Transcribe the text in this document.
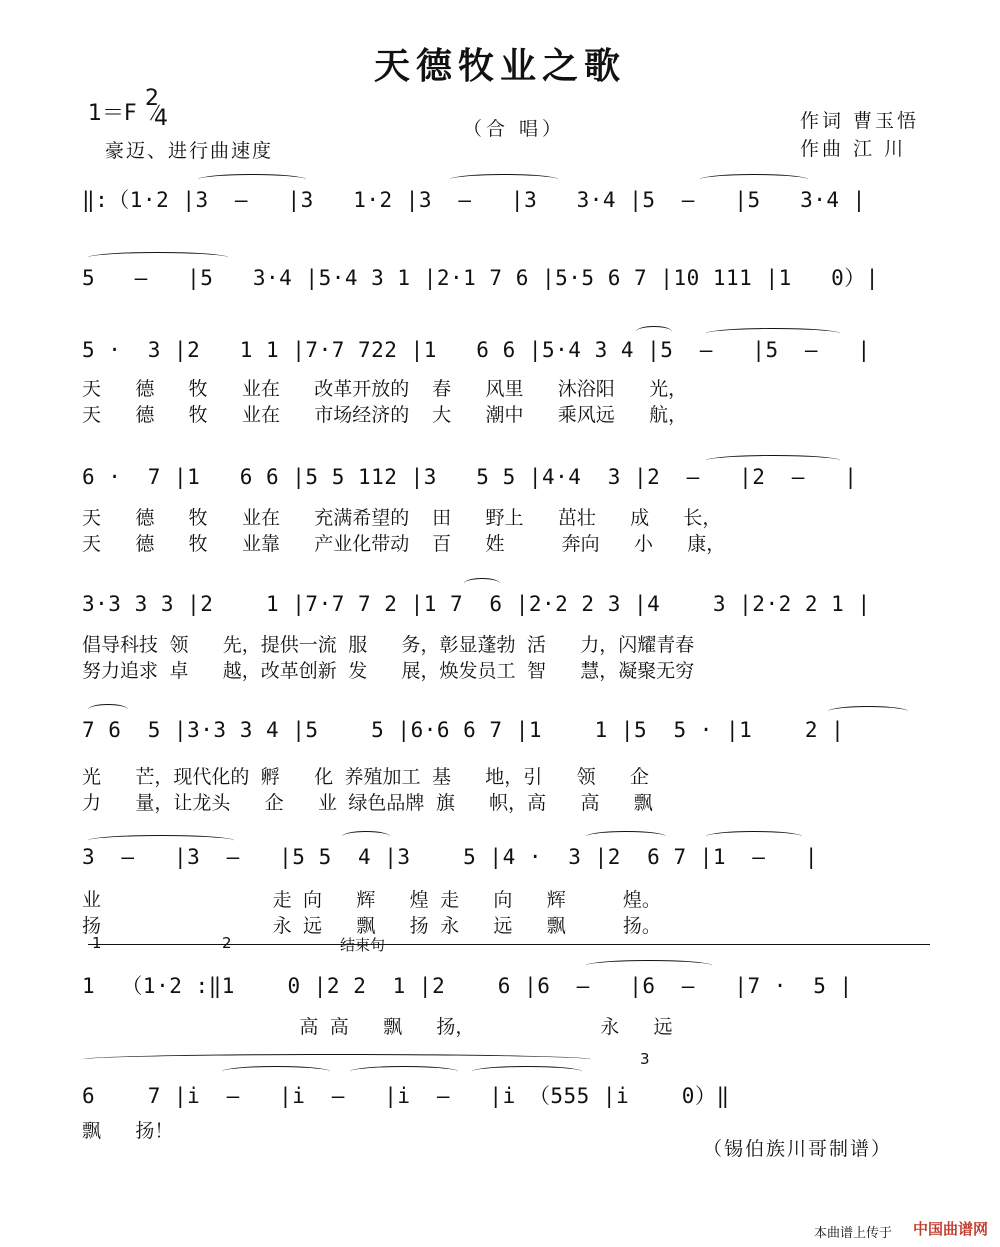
天德牧业之歌
1＝F
2
4
豪迈、进行曲速度
（合 唱）	作词 曹玉悟
作曲 江 川
‖:（1·2 |3  —   |3   1·2 |3  —   |3   3·4 |5  —   |5   3·4 |
5   —   |5   3·4 |5·4 3 1 |2·1 7 6 |5·5 6 7 |10 111 |1   0）|
5 ·  3 |2   1 1 |7·7 722 |1   6 6 |5·4 3 4 |5  —   |5  —   |
天   德   牧   业在   改革开放的  春   风里   沐浴阳   光，
天   德   牧   业在   市场经济的  大   潮中   乘风远   航，
6 ·  7 |1   6 6 |5 5 112 |3   5 5 |4·4  3 |2  —   |2  —   |
天   德   牧   业在   充满希望的  田   野上   茁壮   成   长，
天   德   牧   业靠   产业化带动  百   姓     奔向   小   康，
3·3 3 3 |2    1 |7·7 7 2 |1 7  6 |2·2 2 3 |4    3 |2·2 2 1 |
倡导科技 领   先，提供一流 服   务，彰显蓬勃 活   力，闪耀青春
努力追求 卓   越，改革创新 发   展，焕发员工 智   慧，凝聚无穷
7 6  5 |3·3 3 4 |5    5 |6·6 6 7 |1    1 |5  5 · |1    2 |
光   芒，现代化的 孵   化 养殖加工 基   地，引   领   企
力   量，让龙头   企   业 绿色品牌 旗   帜，高   高   飘
3  —   |3  —   |5 5  4 |3    5 |4 ·  3 |2  6 7 |1  —   |
业               走 向   辉   煌 走   向   辉     煌。
扬               永 远   飘   扬 永   远   飘     扬。
1	2	结束句
1  （1·2 :‖1    0 |2 2  1 |2    6 |6  —   |6  —   |7 ·  5 |
高 高   飘   扬，           永   远
3
6    7 |i  —   |i  —   |i  —   |i （555 |i    0）‖
飘   扬！
（锡伯族川哥制谱）
本曲谱上传于 中国曲谱网
